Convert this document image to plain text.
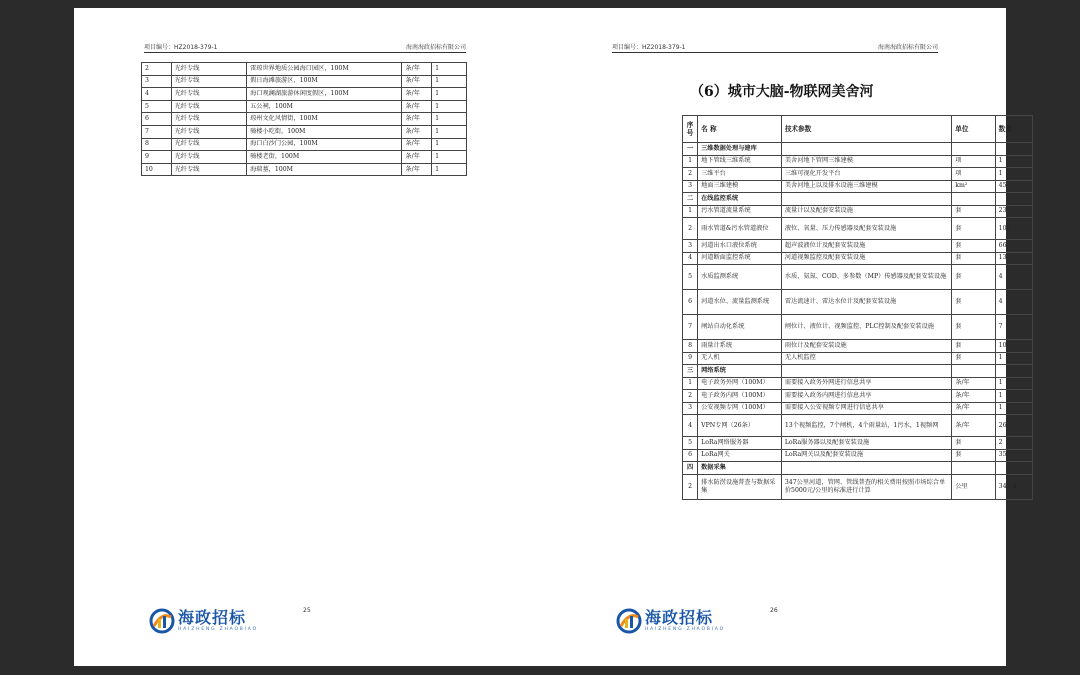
项目编号：HZ2018-379-1	海南海政招标有限公司
2	光纤专线	雷琼世界地质公园海口园区，100M	条/年	1
3	光纤专线	假日海滩旅游区，100M	条/年	1
4	光纤专线	海口观澜湖旅游休闲度假区，100M	条/年	1
5	光纤专线	五公祠，100M	条/年	1
6	光纤专线	琼州文化风情街，100M	条/年	1
7	光纤专线	骑楼小吃街，100M	条/年	1
8	光纤专线	海口白沙门公园，100M	条/年	1
9	光纤专线	骑楼老街，100M	条/年	1
10	光纤专线	海瑞墓，100M	条/年	1
海政招标
HAIZHENG ZHAOBIAO
25
项目编号：HZ2018-379-1	海南海政招标有限公司
（6）城市大脑-物联网美舍河
序号	名 称	技术参数	单位	数量
一	三维数据处理与建库			
1	地下管线三维系统	美舍河地下管网三维建模	项	1
2	三维平台	三维可视化开发平台	项	1
3	地面三维建模	美舍河地上以及排水设施三维建模	km²	45
二	在线监控系统			
1	污水管道流量系统	流量计以及配套安装设施	套	23
2	雨水管道&污水管道液位	液位、氧量、压力传感器及配套安装设施	套	107
3	河道出水口液位系统	超声波液位计及配套安装设施	套	66
4	河道断面监控系统	河道视频监控及配套安装设施	套	13
5	水质监测系统	水质、氨氮、COD、多参数（MP）传感器及配套安装设施	套	4
6	河道水位、流量监测系统	雷达流速计、雷达水位计及配套安装设施	套	4
7	闸站自动化系统	闸位计、液位计、视频监控、PLC控制及配套安装设施	套	7
8	雨量计系统	雨位计及配套安装设施	套	10
9	无人机	无人机监控	套	1
三	网络系统			
1	电子政务外网（100M）	需要接入政务外网进行信息共享	条/年	1
2	电子政务内网（100M）	需要接入政务内网进行信息共享	条/年	1
3	公安视频专网（100M）	需要接入公安视频专网进行信息共享	条/年	1
4	VPN专网（26条）	13个视频监控，7个闸机，4个雨量站，1污水，1视频网	条/年	26
5	LoRa网络服务器	LoRa服务器以及配套安装设施	套	2
6	LoRa网关	LoRa网关以及配套安装设施	套	35
四	数据采集			
2	排水防涝设施普查与数据采集	347公里河道，管网、管线普查的相关费用按照市场综合单价5000元/公里的标准进行计算	公里	347.4
海政招标
HAIZHENG ZHAOBIAO
26
